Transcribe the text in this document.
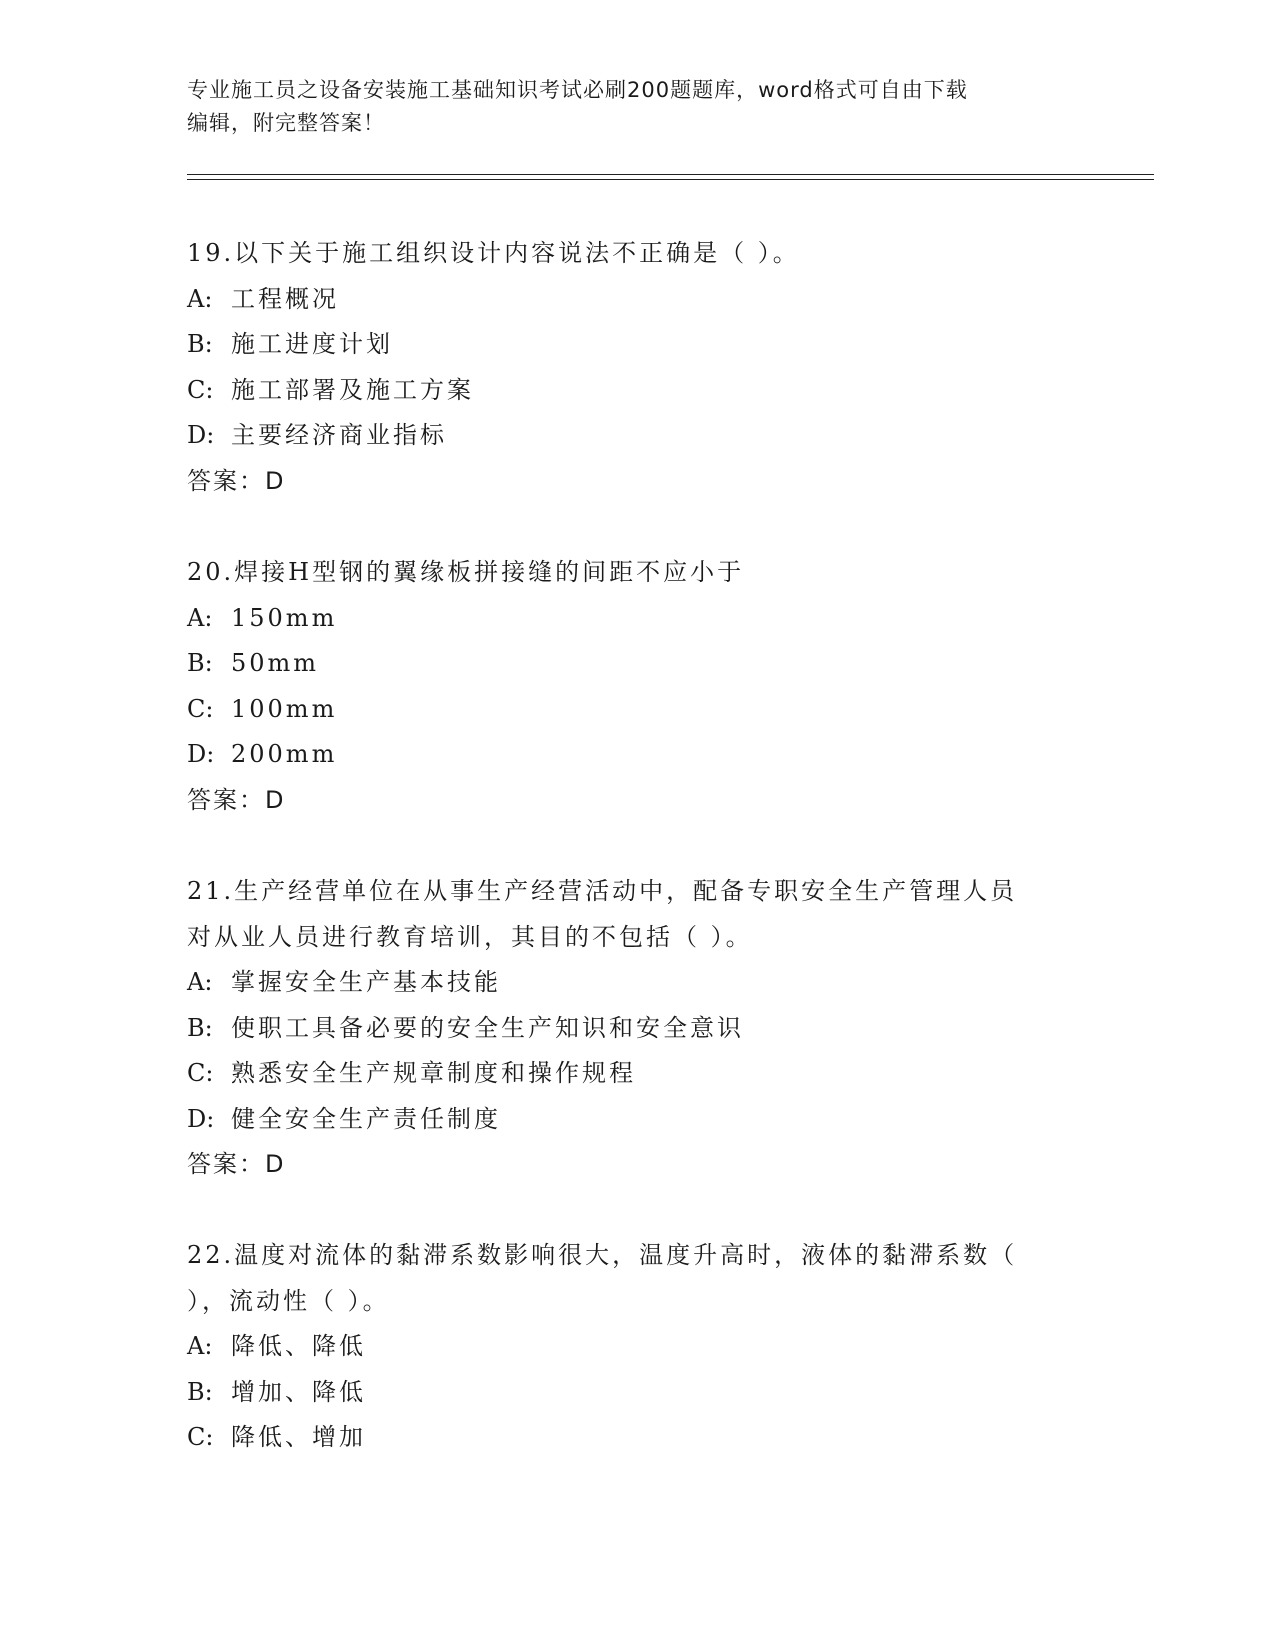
专业施工员之设备安装施工基础知识考试必刷200题题库，word格式可自由下载
编辑，附完整答案！
19.以下关于施工组织设计内容说法不正确是（ ）。
A: 工程概况
B: 施工进度计划
C: 施工部署及施工方案
D: 主要经济商业指标
答案：D
20.焊接H型钢的翼缘板拼接缝的间距不应小于
A: 150mm
B: 50mm
C: 100mm
D: 200mm
答案：D
21.生产经营单位在从事生产经营活动中，配备专职安全生产管理人员
对从业人员进行教育培训，其目的不包括（ ）。
A: 掌握安全生产基本技能
B: 使职工具备必要的安全生产知识和安全意识
C: 熟悉安全生产规章制度和操作规程
D: 健全安全生产责任制度
答案：D
22.温度对流体的黏滞系数影响很大，温度升高时，液体的黏滞系数（
），流动性（ ）。
A: 降低、降低
B: 增加、降低
C: 降低、增加
